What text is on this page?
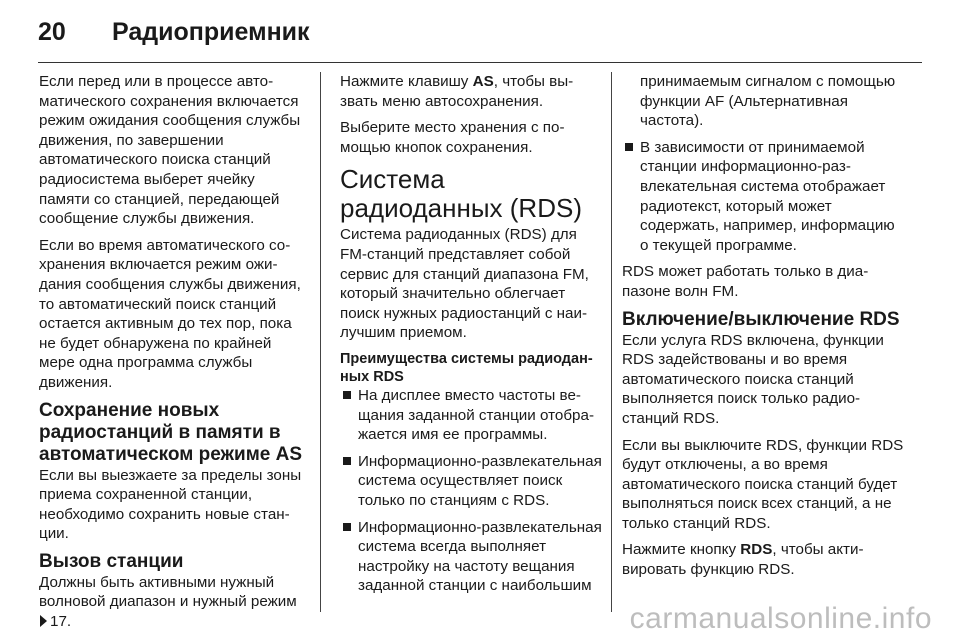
20	Радиоприемник

Если перед или в процессе автоматического сохранения включается режим ожидания сообщения службы движения, по завершении автоматического поиска станций радиосистема выберет ячейку памяти со станцией, передающей сообщение службы движения.

Если во время автоматического сохранения включается режим ожидания сообщения службы движения, то автоматический поиск станций остается активным до тех пор, пока не будет обнаружена по крайней мере одна программа службы движения.

Сохранение новых радиостанций в памяти в автоматическом режиме AS

Если вы выезжаете за пределы зоны приема сохраненной станции, необходимо сохранить новые станции.

Вызов станции

Должны быть активными нужный волновой диапазон и нужный режим 17.

Нажмите клавишу AS, чтобы вызвать меню автосохранения.

Выберите место хранения с помощью кнопок сохранения.

Система радиоданных (RDS)

Система радиоданных (RDS) для FM-станций представляет собой сервис для станций диапазона FM, который значительно облегчает поиск нужных радиостанций с наилучшим приемом.

Преимущества системы радиоданных RDS
На дисплее вместо частоты вещания заданной станции отображается имя ее программы.
Информационно-развлекательная система осуществляет поиск только по станциям с RDS.
Информационно-развлекательная система всегда выполняет настройку на частоту вещания заданной станции с наибольшим

принимаемым сигналом с помощью функции AF (Альтернативная частота).

В зависимости от принимаемой станции информационно-развлекательная система отображает радиотекст, который может содержать, например, информацию о текущей программе.

RDS может работать только в диапазоне волн FM.

Включение/выключение RDS

Если услуга RDS включена, функции RDS задействованы и во время автоматического поиска станций выполняется поиск только радиостанций RDS.

Если вы выключите RDS, функции RDS будут отключены, а во время автоматического поиска станций будет выполняться поиск всех станций, а не только станций RDS.

Нажмите кнопку RDS, чтобы активировать функцию RDS.

carmanualsonline.info
